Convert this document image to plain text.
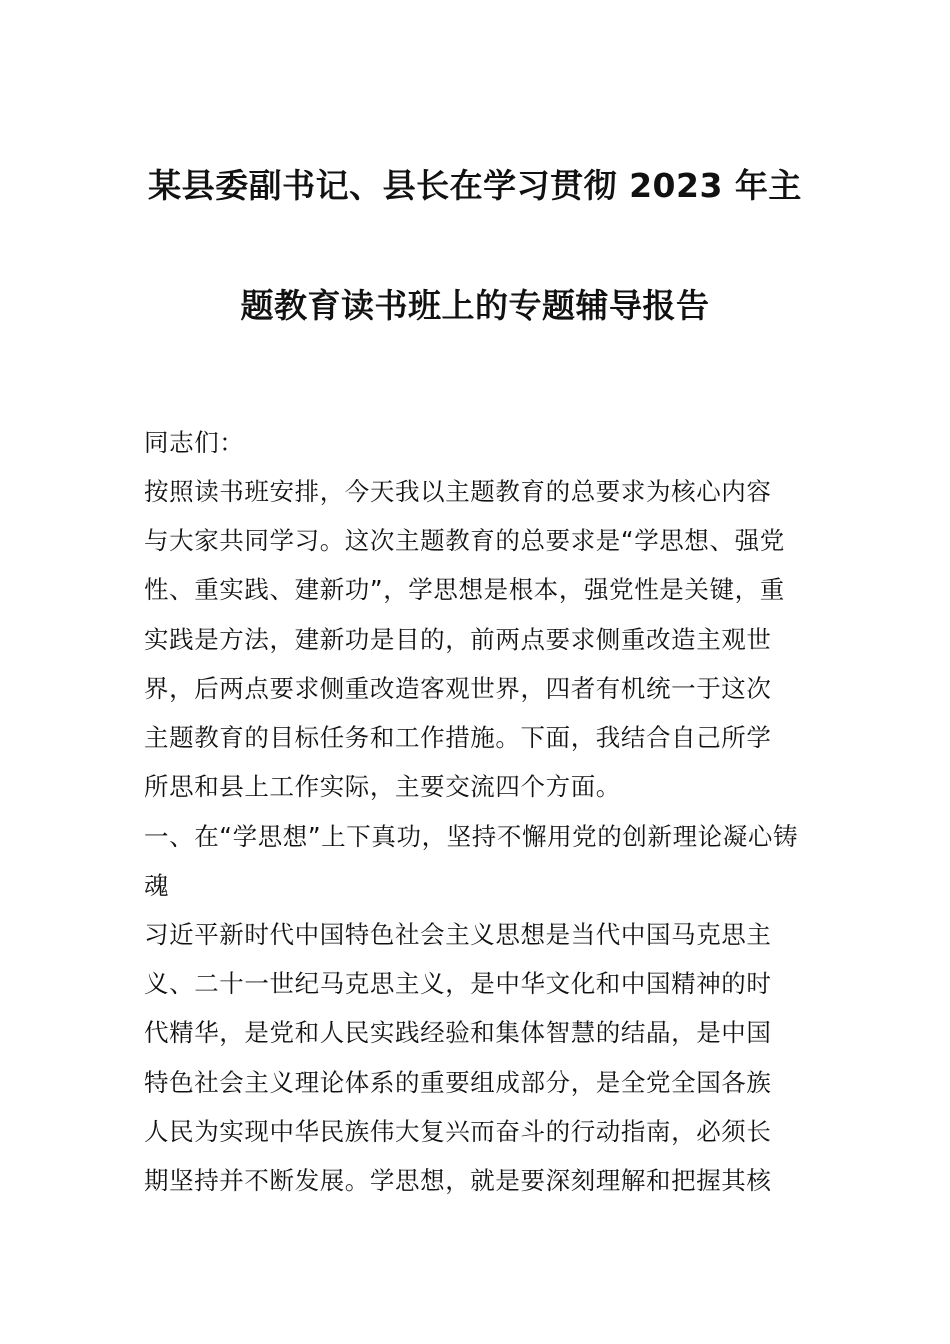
某县委副书记、县长在学习贯彻 2023 年主
题教育读书班上的专题辅导报告
同志们：
按照读书班安排，今天我以主题教育的总要求为核心内容
与大家共同学习。这次主题教育的总要求是“学思想、强党
性、重实践、建新功”，学思想是根本，强党性是关键，重
实践是方法，建新功是目的，前两点要求侧重改造主观世
界，后两点要求侧重改造客观世界，四者有机统一于这次
主题教育的目标任务和工作措施。下面，我结合自己所学
所思和县上工作实际，主要交流四个方面。
一、在“学思想”上下真功，坚持不懈用党的创新理论凝心铸
魂
习近平新时代中国特色社会主义思想是当代中国马克思主
义、二十一世纪马克思主义，是中华文化和中国精神的时
代精华，是党和人民实践经验和集体智慧的结晶，是中国
特色社会主义理论体系的重要组成部分，是全党全国各族
人民为实现中华民族伟大复兴而奋斗的行动指南，必须长
期坚持并不断发展。学思想，就是要深刻理解和把握其核
